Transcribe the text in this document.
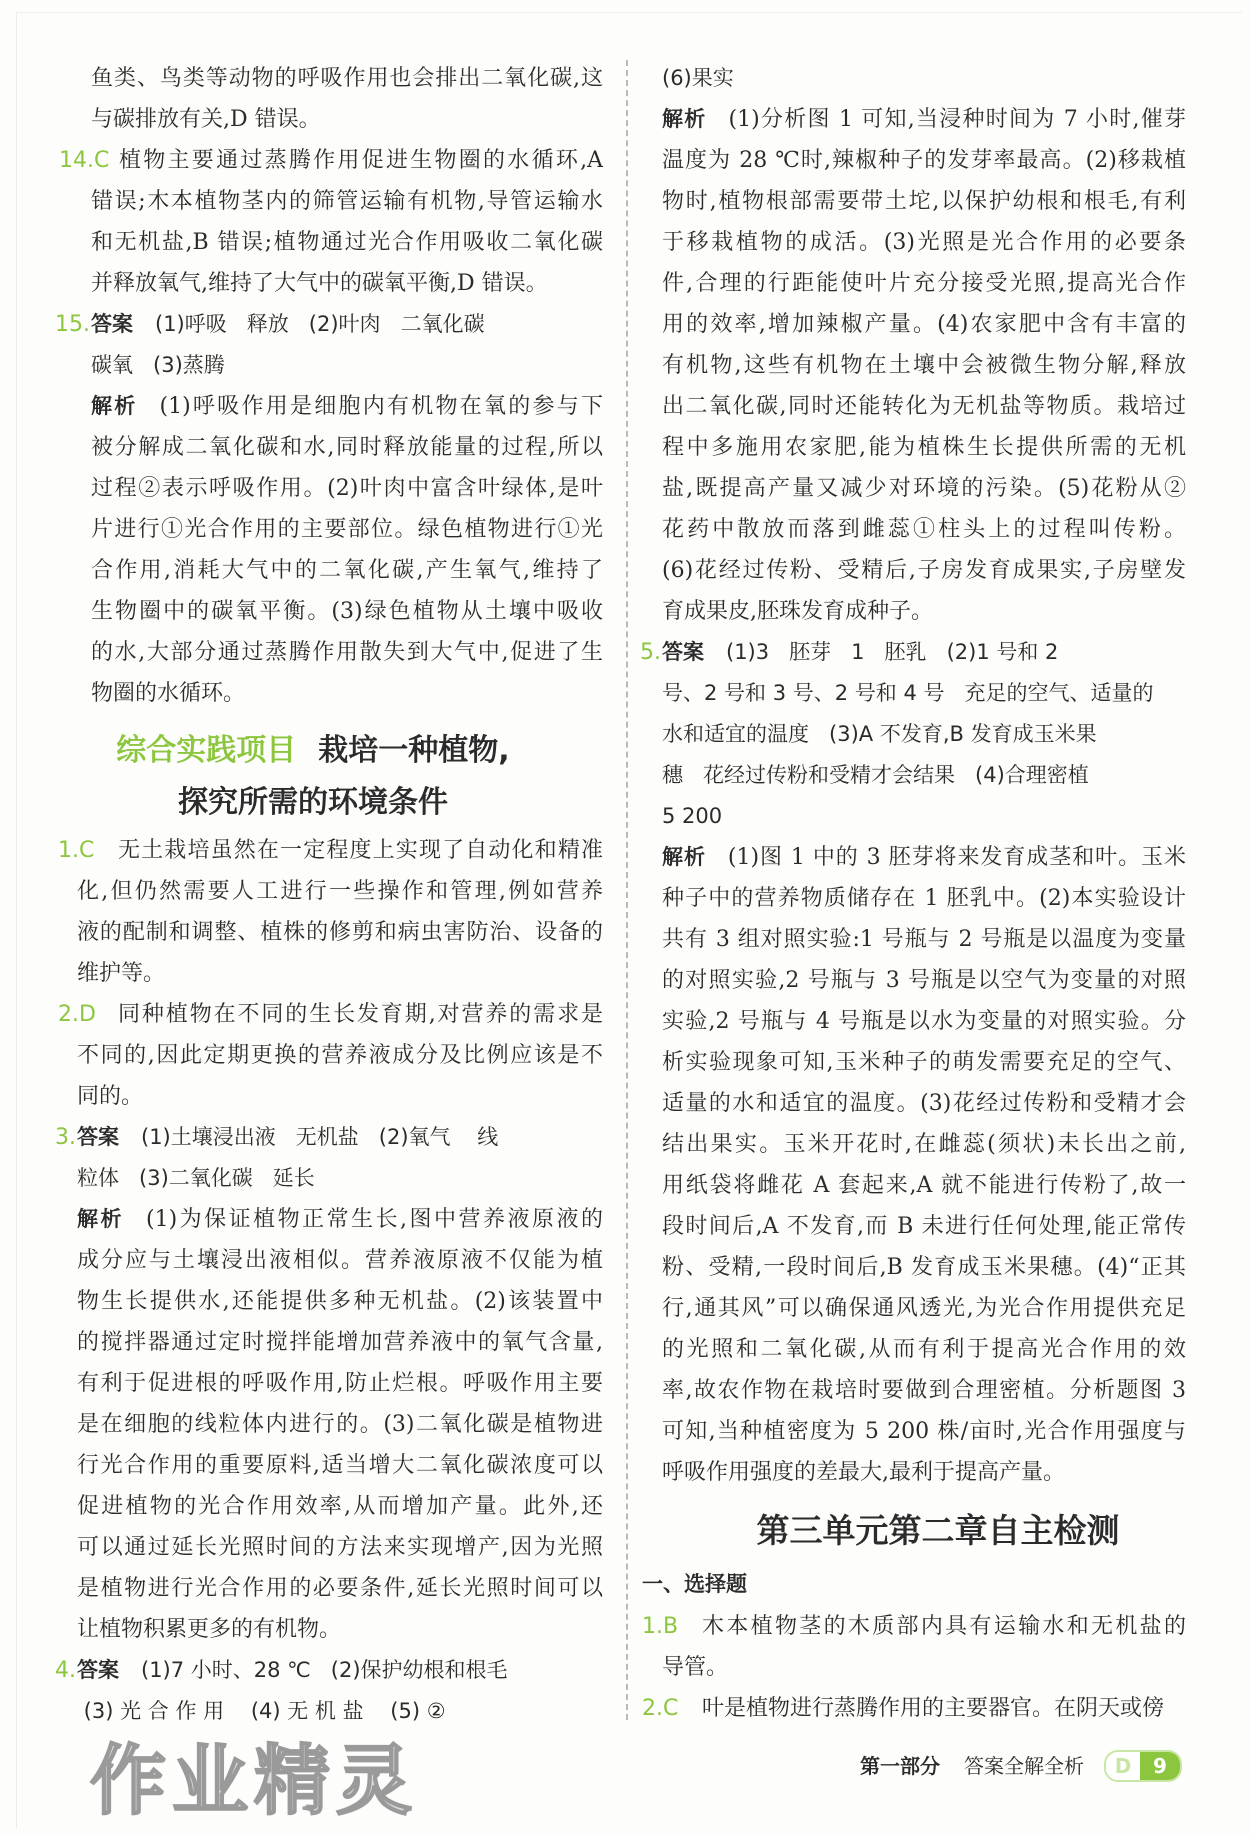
鱼类、鸟类等动物的呼吸作用也会排出二氧化碳,这
与碳排放有关,D 错误。
14.C 植物主要通过蒸腾作用促进生物圈的水循环,A
错误;木本植物茎内的筛管运输有机物,导管运输水
和无机盐,B 错误;植物通过光合作用吸收二氧化碳
并释放氧气,维持了大气中的碳氧平衡,D 错误。
15. 答案 (1)呼吸   释放   (2)叶肉   二氧化碳
碳氧   (3)蒸腾
解析 (1)呼吸作用是细胞内有机物在氧的参与下
被分解成二氧化碳和水,同时释放能量的过程,所以
过程②表示呼吸作用。(2)叶肉中富含叶绿体,是叶
片进行①光合作用的主要部位。绿色植物进行①光
合作用,消耗大气中的二氧化碳,产生氧气,维持了
生物圈中的碳氧平衡。(3)绿色植物从土壤中吸收
的水,大部分通过蒸腾作用散失到大气中,促进了生
物圈的水循环。
综合实践项目 栽培一种植物,
探究所需的环境条件
1.C	无土栽培虽然在一定程度上实现了自动化和精准
化,但仍然需要人工进行一些操作和管理,例如营养
液的配制和调整、植株的修剪和病虫害防治、设备的
维护等。
2.D	同种植物在不同的生长发育期,对营养的需求是
不同的,因此定期更换的营养液成分及比例应该是不
同的。
3. 答案 (1)土壤浸出液   无机盐   (2)氧气    线
粒体   (3)二氧化碳   延长
解析 (1)为保证植物正常生长,图中营养液原液的
成分应与土壤浸出液相似。营养液原液不仅能为植
物生长提供水,还能提供多种无机盐。(2)该装置中
的搅拌器通过定时搅拌能增加营养液中的氧气含量,
有利于促进根的呼吸作用,防止烂根。呼吸作用主要
是在细胞的线粒体内进行的。(3)二氧化碳是植物进
行光合作用的重要原料,适当增大二氧化碳浓度可以
促进植物的光合作用效率,从而增加产量。此外,还
可以通过延长光照时间的方法来实现增产,因为光照
是植物进行光合作用的必要条件,延长光照时间可以
让植物积累更多的有机物。
4. 答案 (1)7 小时、28 ℃   (2)保护幼根和根毛
(3) 光 合 作 用    (4) 无 机 盐    (5) ②
(6)果实
解析 (1)分析图 1 可知,当浸种时间为 7 小时,催芽
温度为 28 ℃时,辣椒种子的发芽率最高。(2)移栽植
物时,植物根部需要带土坨,以保护幼根和根毛,有利
于移栽植物的成活。(3)光照是光合作用的必要条
件,合理的行距能使叶片充分接受光照,提高光合作
用的效率,增加辣椒产量。(4)农家肥中含有丰富的
有机物,这些有机物在土壤中会被微生物分解,释放
出二氧化碳,同时还能转化为无机盐等物质。栽培过
程中多施用农家肥,能为植株生长提供所需的无机
盐,既提高产量又减少对环境的污染。(5)花粉从②
花药中散放而落到雌蕊①柱头上的过程叫传粉。
(6)花经过传粉、受精后,子房发育成果实,子房壁发
育成果皮,胚珠发育成种子。
5. 答案 (1)3   胚芽   1   胚乳   (2)1 号和 2
号、2 号和 3 号、2 号和 4 号   充足的空气、适量的
水和适宜的温度   (3)A 不发育,B 发育成玉米果
穗   花经过传粉和受精才会结果   (4)合理密植
5 200
解析 (1)图 1 中的 3 胚芽将来发育成茎和叶。玉米
种子中的营养物质储存在 1 胚乳中。(2)本实验设计
共有 3 组对照实验:1 号瓶与 2 号瓶是以温度为变量
的对照实验,2 号瓶与 3 号瓶是以空气为变量的对照
实验,2 号瓶与 4 号瓶是以水为变量的对照实验。分
析实验现象可知,玉米种子的萌发需要充足的空气、
适量的水和适宜的温度。(3)花经过传粉和受精才会
结出果实。玉米开花时,在雌蕊(须状)未长出之前,
用纸袋将雌花 A 套起来,A 就不能进行传粉了,故一
段时间后,A 不发育,而 B 未进行任何处理,能正常传
粉、受精,一段时间后,B 发育成玉米果穗。(4)“正其
行,通其风”可以确保通风透光,为光合作用提供充足
的光照和二氧化碳,从而有利于提高光合作用的效
率,故农作物在栽培时要做到合理密植。分析题图 3
可知,当种植密度为 5 200 株/亩时,光合作用强度与
呼吸作用强度的差最大,最利于提高产量。
第三单元第二章自主检测
一、选择题
1.B	木本植物茎的木质部内具有运输水和无机盐的
导管。
2.C	叶是植物进行蒸腾作用的主要器官。在阴天或傍
作业精灵	第一部分 答案全解全析	D	9
